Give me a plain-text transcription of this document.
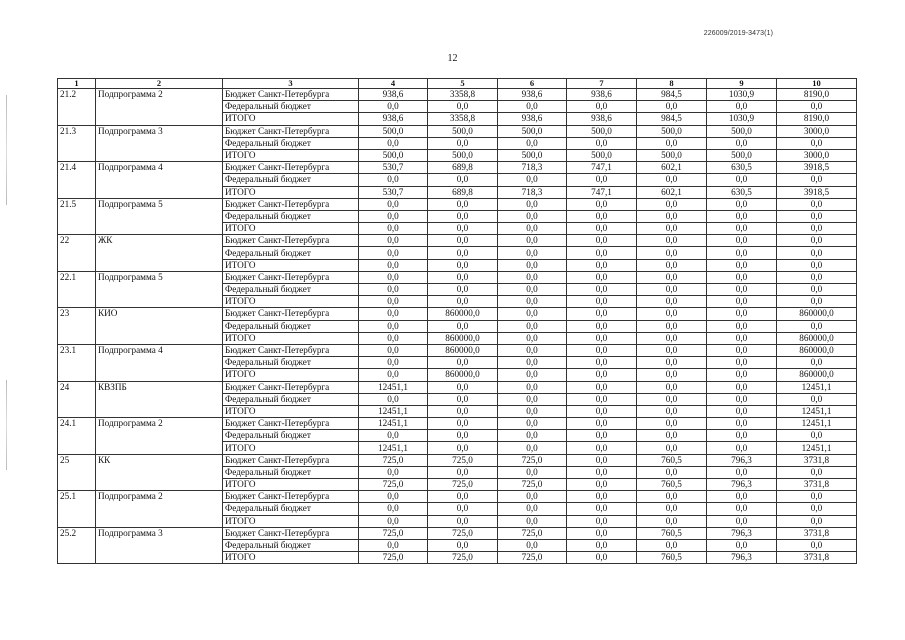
226009/2019-3473(1)
12
1	2	3	4	5	6	7	8	9	10
21.2	Подпрограмма 2	Бюджет Санкт-Петербурга	938,6	3358,8	938,6	938,6	984,5	1030,9	8190,0
		Федеральный бюджет	0,0	0,0	0,0	0,0	0,0	0,0	0,0
		ИТОГО	938,6	3358,8	938,6	938,6	984,5	1030,9	8190,0
21.3	Подпрограмма 3	Бюджет Санкт-Петербурга	500,0	500,0	500,0	500,0	500,0	500,0	3000,0
		Федеральный бюджет	0,0	0,0	0,0	0,0	0,0	0,0	0,0
		ИТОГО	500,0	500,0	500,0	500,0	500,0	500,0	3000,0
21.4	Подпрограмма 4	Бюджет Санкт-Петербурга	530,7	689,8	718,3	747,1	602,1	630,5	3918,5
		Федеральный бюджет	0,0	0,0	0,0	0,0	0,0	0,0	0,0
		ИТОГО	530,7	689,8	718,3	747,1	602,1	630,5	3918,5
21.5	Подпрограмма 5	Бюджет Санкт-Петербурга	0,0	0,0	0,0	0,0	0,0	0,0	0,0
		Федеральный бюджет	0,0	0,0	0,0	0,0	0,0	0,0	0,0
		ИТОГО	0,0	0,0	0,0	0,0	0,0	0,0	0,0
22	ЖК	Бюджет Санкт-Петербурга	0,0	0,0	0,0	0,0	0,0	0,0	0,0
		Федеральный бюджет	0,0	0,0	0,0	0,0	0,0	0,0	0,0
		ИТОГО	0,0	0,0	0,0	0,0	0,0	0,0	0,0
22.1	Подпрограмма 5	Бюджет Санкт-Петербурга	0,0	0,0	0,0	0,0	0,0	0,0	0,0
		Федеральный бюджет	0,0	0,0	0,0	0,0	0,0	0,0	0,0
		ИТОГО	0,0	0,0	0,0	0,0	0,0	0,0	0,0
23	КИО	Бюджет Санкт-Петербурга	0,0	860000,0	0,0	0,0	0,0	0,0	860000,0
		Федеральный бюджет	0,0	0,0	0,0	0,0	0,0	0,0	0,0
		ИТОГО	0,0	860000,0	0,0	0,0	0,0	0,0	860000,0
23.1	Подпрограмма 4	Бюджет Санкт-Петербурга	0,0	860000,0	0,0	0,0	0,0	0,0	860000,0
		Федеральный бюджет	0,0	0,0	0,0	0,0	0,0	0,0	0,0
		ИТОГО	0,0	860000,0	0,0	0,0	0,0	0,0	860000,0
24	КВЗПБ	Бюджет Санкт-Петербурга	12451,1	0,0	0,0	0,0	0,0	0,0	12451,1
		Федеральный бюджет	0,0	0,0	0,0	0,0	0,0	0,0	0,0
		ИТОГО	12451,1	0,0	0,0	0,0	0,0	0,0	12451,1
24.1	Подпрограмма 2	Бюджет Санкт-Петербурга	12451,1	0,0	0,0	0,0	0,0	0,0	12451,1
		Федеральный бюджет	0,0	0,0	0,0	0,0	0,0	0,0	0,0
		ИТОГО	12451,1	0,0	0,0	0,0	0,0	0,0	12451,1
25	КК	Бюджет Санкт-Петербурга	725,0	725,0	725,0	0,0	760,5	796,3	3731,8
		Федеральный бюджет	0,0	0,0	0,0	0,0	0,0	0,0	0,0
		ИТОГО	725,0	725,0	725,0	0,0	760,5	796,3	3731,8
25.1	Подпрограмма 2	Бюджет Санкт-Петербурга	0,0	0,0	0,0	0,0	0,0	0,0	0,0
		Федеральный бюджет	0,0	0,0	0,0	0,0	0,0	0,0	0,0
		ИТОГО	0,0	0,0	0,0	0,0	0,0	0,0	0,0
25.2	Подпрограмма 3	Бюджет Санкт-Петербурга	725,0	725,0	725,0	0,0	760,5	796,3	3731,8
		Федеральный бюджет	0,0	0,0	0,0	0,0	0,0	0,0	0,0
		ИТОГО	725,0	725,0	725,0	0,0	760,5	796,3	3731,8
